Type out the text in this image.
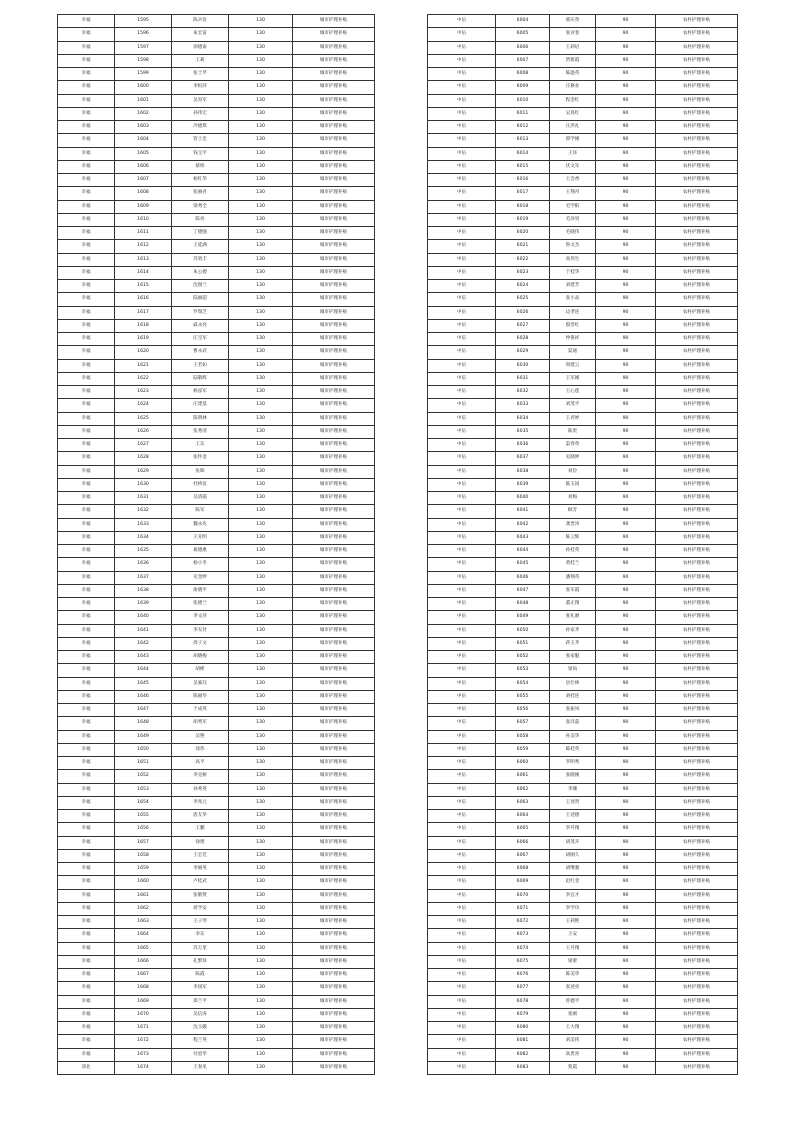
幸福	1595	陈兵俭	130	城市护理补贴
幸福	1596	朱宏雷	130	城市护理补贴
幸福	1597	徐德泰	130	城市护理补贴
幸福	1598	王莉	130	城市护理补贴
幸福	1599	张士芹	130	城市护理补贴
幸福	1600	李恒萍	130	城市护理补贴
幸福	1601	吴育军	130	城市护理补贴
幸福	1602	孙伟宏	130	城市护理补贴
幸福	1603	冷德琪	130	城市护理补贴
幸福	1604	管士忠	130	城市护理补贴
幸福	1605	钱宝平	130	城市护理补贴
幸福	1606	蔡娇	130	城市护理补贴
幸福	1607	杨红华	130	城市护理补贴
幸福	1608	张丽君	130	城市护理补贴
幸福	1609	梁秀全	130	城市护理补贴
幸福	1610	陈亮	130	城市护理补贴
幸福	1611	丁德强	130	城市护理补贴
幸福	1612	王延满	130	城市护理补贴
幸福	1613	苏效丰	130	城市护理补贴
幸福	1614	朱公德	130	城市护理补贴
幸福	1615	沈瑞兰	130	城市护理补贴
幸福	1616	陆丽超	130	城市护理补贴
幸福	1617	罗瑞芝	130	城市护理补贴
幸福	1618	戚永亮	130	城市护理补贴
幸福	1619	庄宝军	130	城市护理补贴
幸福	1620	曹永武	130	城市护理补贴
幸福	1621	王若如	130	城市护理补贴
幸福	1622	陆敬辉	130	城市护理补贴
幸福	1623	杨彦军	130	城市护理补贴
幸福	1624	庄建基	130	城市护理补贴
幸福	1625	陈明林	130	城市护理补贴
幸福	1626	张秀清	130	城市护理补贴
幸福	1627	王东	130	城市护理补贴
幸福	1628	张怀金	130	城市护理补贴
幸福	1629	张晖	130	城市护理补贴
幸福	1630	杜桥仪	130	城市护理补贴
幸福	1631	吴清霞	130	城市护理补贴
幸福	1632	陈军	130	城市护理补贴
幸福	1633	魏永先	130	城市护理补贴
幸福	1634	王先明	130	城市护理补贴
幸福	1635	葛德惠	130	城市护理补贴
幸福	1636	杨小冬	130	城市护理补贴
幸福	1637	史金婷	130	城市护理补贴
幸福	1638	俞晓平	130	城市护理补贴
幸福	1639	张德兰	130	城市护理补贴
幸福	1640	李文萍	130	城市护理补贴
幸福	1641	李友付	130	城市护理补贴
幸福	1642	周子文	130	城市护理补贴
幸福	1643	胡晓梅	130	城市护理补贴
幸福	1644	胡彬	130	城市护理补贴
幸福	1645	吴素珏	130	城市护理补贴
幸福	1646	陈丽华	130	城市护理补贴
幸福	1647	于成英	130	城市护理补贴
幸福	1648	胡秀军	130	城市护理补贴
幸福	1649	吴艳	130	城市护理补贴
幸福	1650	徐伟	130	城市护理补贴
幸福	1651	高平	130	城市护理补贴
幸福	1652	李克树	130	城市护理补贴
幸福	1653	孙秀英	130	城市护理补贴
幸福	1654	李兆元	130	城市护理补贴
幸福	1655	唐友华	130	城市护理补贴
幸福	1656	王鹏	130	城市护理补贴
幸福	1657	徐建	130	城市护理补贴
幸福	1658	王宏佳	130	城市护理补贴
幸福	1659	李丽英	130	城市护理补贴
幸福	1660	卢桂武	130	城市护理补贴
幸福	1661	张敬贤	130	城市护理补贴
幸福	1662	蒋学安	130	城市护理补贴
幸福	1663	王子琴	130	城市护理补贴
幸福	1664	李东	130	城市护理补贴
幸福	1665	苏万里	130	城市护理补贴
幸福	1666	孔繁珍	130	城市护理补贴
幸福	1667	陈霞	130	城市护理补贴
幸福	1668	李国军	130	城市护理补贴
幸福	1669	郑兰平	130	城市护理补贴
幸福	1670	吴信涛	130	城市护理补贴
幸福	1671	沈玉娥	130	城市护理补贴
幸福	1672	程兰英	130	城市护理补贴
幸福	1673	付恩华	130	城市护理补贴
沛北	1674	王春见	130	城市护理补贴
中伍	6004	邢庆英	90	农村护理补贴
中伍	6005	张业春	90	农村护理补贴
中伍	6006	王莉培	90	农村护理补贴
中伍	6007	贾新霞	90	农村护理补贴
中伍	6008	陈温英	90	农村护理补贴
中伍	6009	庄修业	90	农村护理补贴
中伍	6010	程金红	90	农村护理补贴
中伍	6011	吴真红	90	农村护理补贴
中伍	6012	庄洪礼	90	农村护理补贴
中伍	6013	郭学刚	90	农村护理补贴
中伍	6014	王泽	90	农村护理补贴
中伍	6015	伏文军	90	农村护理补贴
中伍	6016	王会香	90	农村护理补贴
中伍	6017	王翔舟	90	农村护理补贴
中伍	6018	毛学阳	90	农村护理补贴
中伍	6019	毛泽男	90	农村护理补贴
中伍	6020	毛晓伟	90	农村护理补贴
中伍	6021	鲁文杰	90	农村护理补贴
中伍	6022	高伟生	90	农村护理补贴
中伍	6023	于桂华	90	农村护理补贴
中伍	6024	刘建芳	90	农村护理补贴
中伍	6025	张小品	90	农村护理补贴
中伍	6026	边孝连	90	农村护理补贴
中伍	6027	殷善红	90	农村护理补贴
中伍	6028	仲鲁祥	90	农村护理补贴
中伍	6029	渠通	90	农村护理补贴
中伍	6030	周建云	90	农村护理补贴
中伍	6031	王军刚	90	农村护理补贴
中伍	6032	王心莲	90	农村护理补贴
中伍	6033	刘茂平	90	农村护理补贴
中伍	6034	王君婷	90	农村护理补贴
中伍	6035	陈贵	90	农村护理补贴
中伍	6036	渠春英	90	农村护理补贴
中伍	6037	史晓婷	90	农村护理补贴
中伍	6038	刘俭	90	农村护理补贴
中伍	6039	陈玉国	90	农村护理补贴
中伍	6040	刘梅	90	农村护理补贴
中伍	6041	顾芳	90	农村护理补贴
中伍	6042	龚晋涛	90	农村护理补贴
中伍	6043	陈云辉	90	农村护理补贴
中伍	6044	孙桂英	90	农村护理补贴
中伍	6045	黄桂兰	90	农村护理补贴
中伍	6046	潘翔英	90	农村护理补贴
中伍	6047	张军霞	90	农村护理补贴
中伍	6048	董正翔	90	农村护理补贴
中伍	6049	张礼磨	90	农村护理补贴
中伍	6050	孙家齐	90	农村护理补贴
中伍	6051	蒋玉齐	90	农村护理补贴
中伍	6052	张家魁	90	农村护理补贴
中伍	6053	梁尚	90	农村护理补贴
中伍	6054	县仕林	90	农村护理补贴
中伍	6055	刘桂连	90	农村护理补贴
中伍	6056	张振凤	90	农村护理补贴
中伍	6057	张洋蕊	90	农村护理补贴
中伍	6058	孙美华	90	农村护理补贴
中伍	6059	陈桂英	90	农村护理补贴
中伍	6060	罗明秀	90	农村护理补贴
中伍	6061	张晓刚	90	农村护理补贴
中伍	6062	李珊	90	农村护理补贴
中伍	6063	王述贤	90	农村护理补贴
中伍	6064	王述德	90	农村护理补贴
中伍	6065	李丹翔	90	农村护理补贴
中伍	6066	胡茂卉	90	农村护理补贴
中伍	6067	胡刚久	90	农村护理补贴
中伍	6068	胡继强	90	农村护理补贴
中伍	6069	赵红金	90	农村护理补贴
中伍	6070	李宜才	90	农村护理补贴
中伍	6071	李学功	90	农村护理补贴
中伍	6072	王莉艳	90	农村护理补贴
中伍	6073	王安	90	农村护理补贴
中伍	6074	王丹翔	90	农村护理补贴
中伍	6075	梁蕾	90	农村护理补贴
中伍	6076	陈美华	90	农村护理补贴
中伍	6077	张述亮	90	农村护理补贴
中伍	6078	曾德平	90	农村护理补贴
中伍	6079	张刚	90	农村护理补贴
中伍	6080	王大翔	90	农村护理补贴
中伍	6081	刘美侠	90	农村护理补贴
中伍	6082	高贵喜	90	农村护理补贴
中伍	6083	苑霞	90	农村护理补贴
